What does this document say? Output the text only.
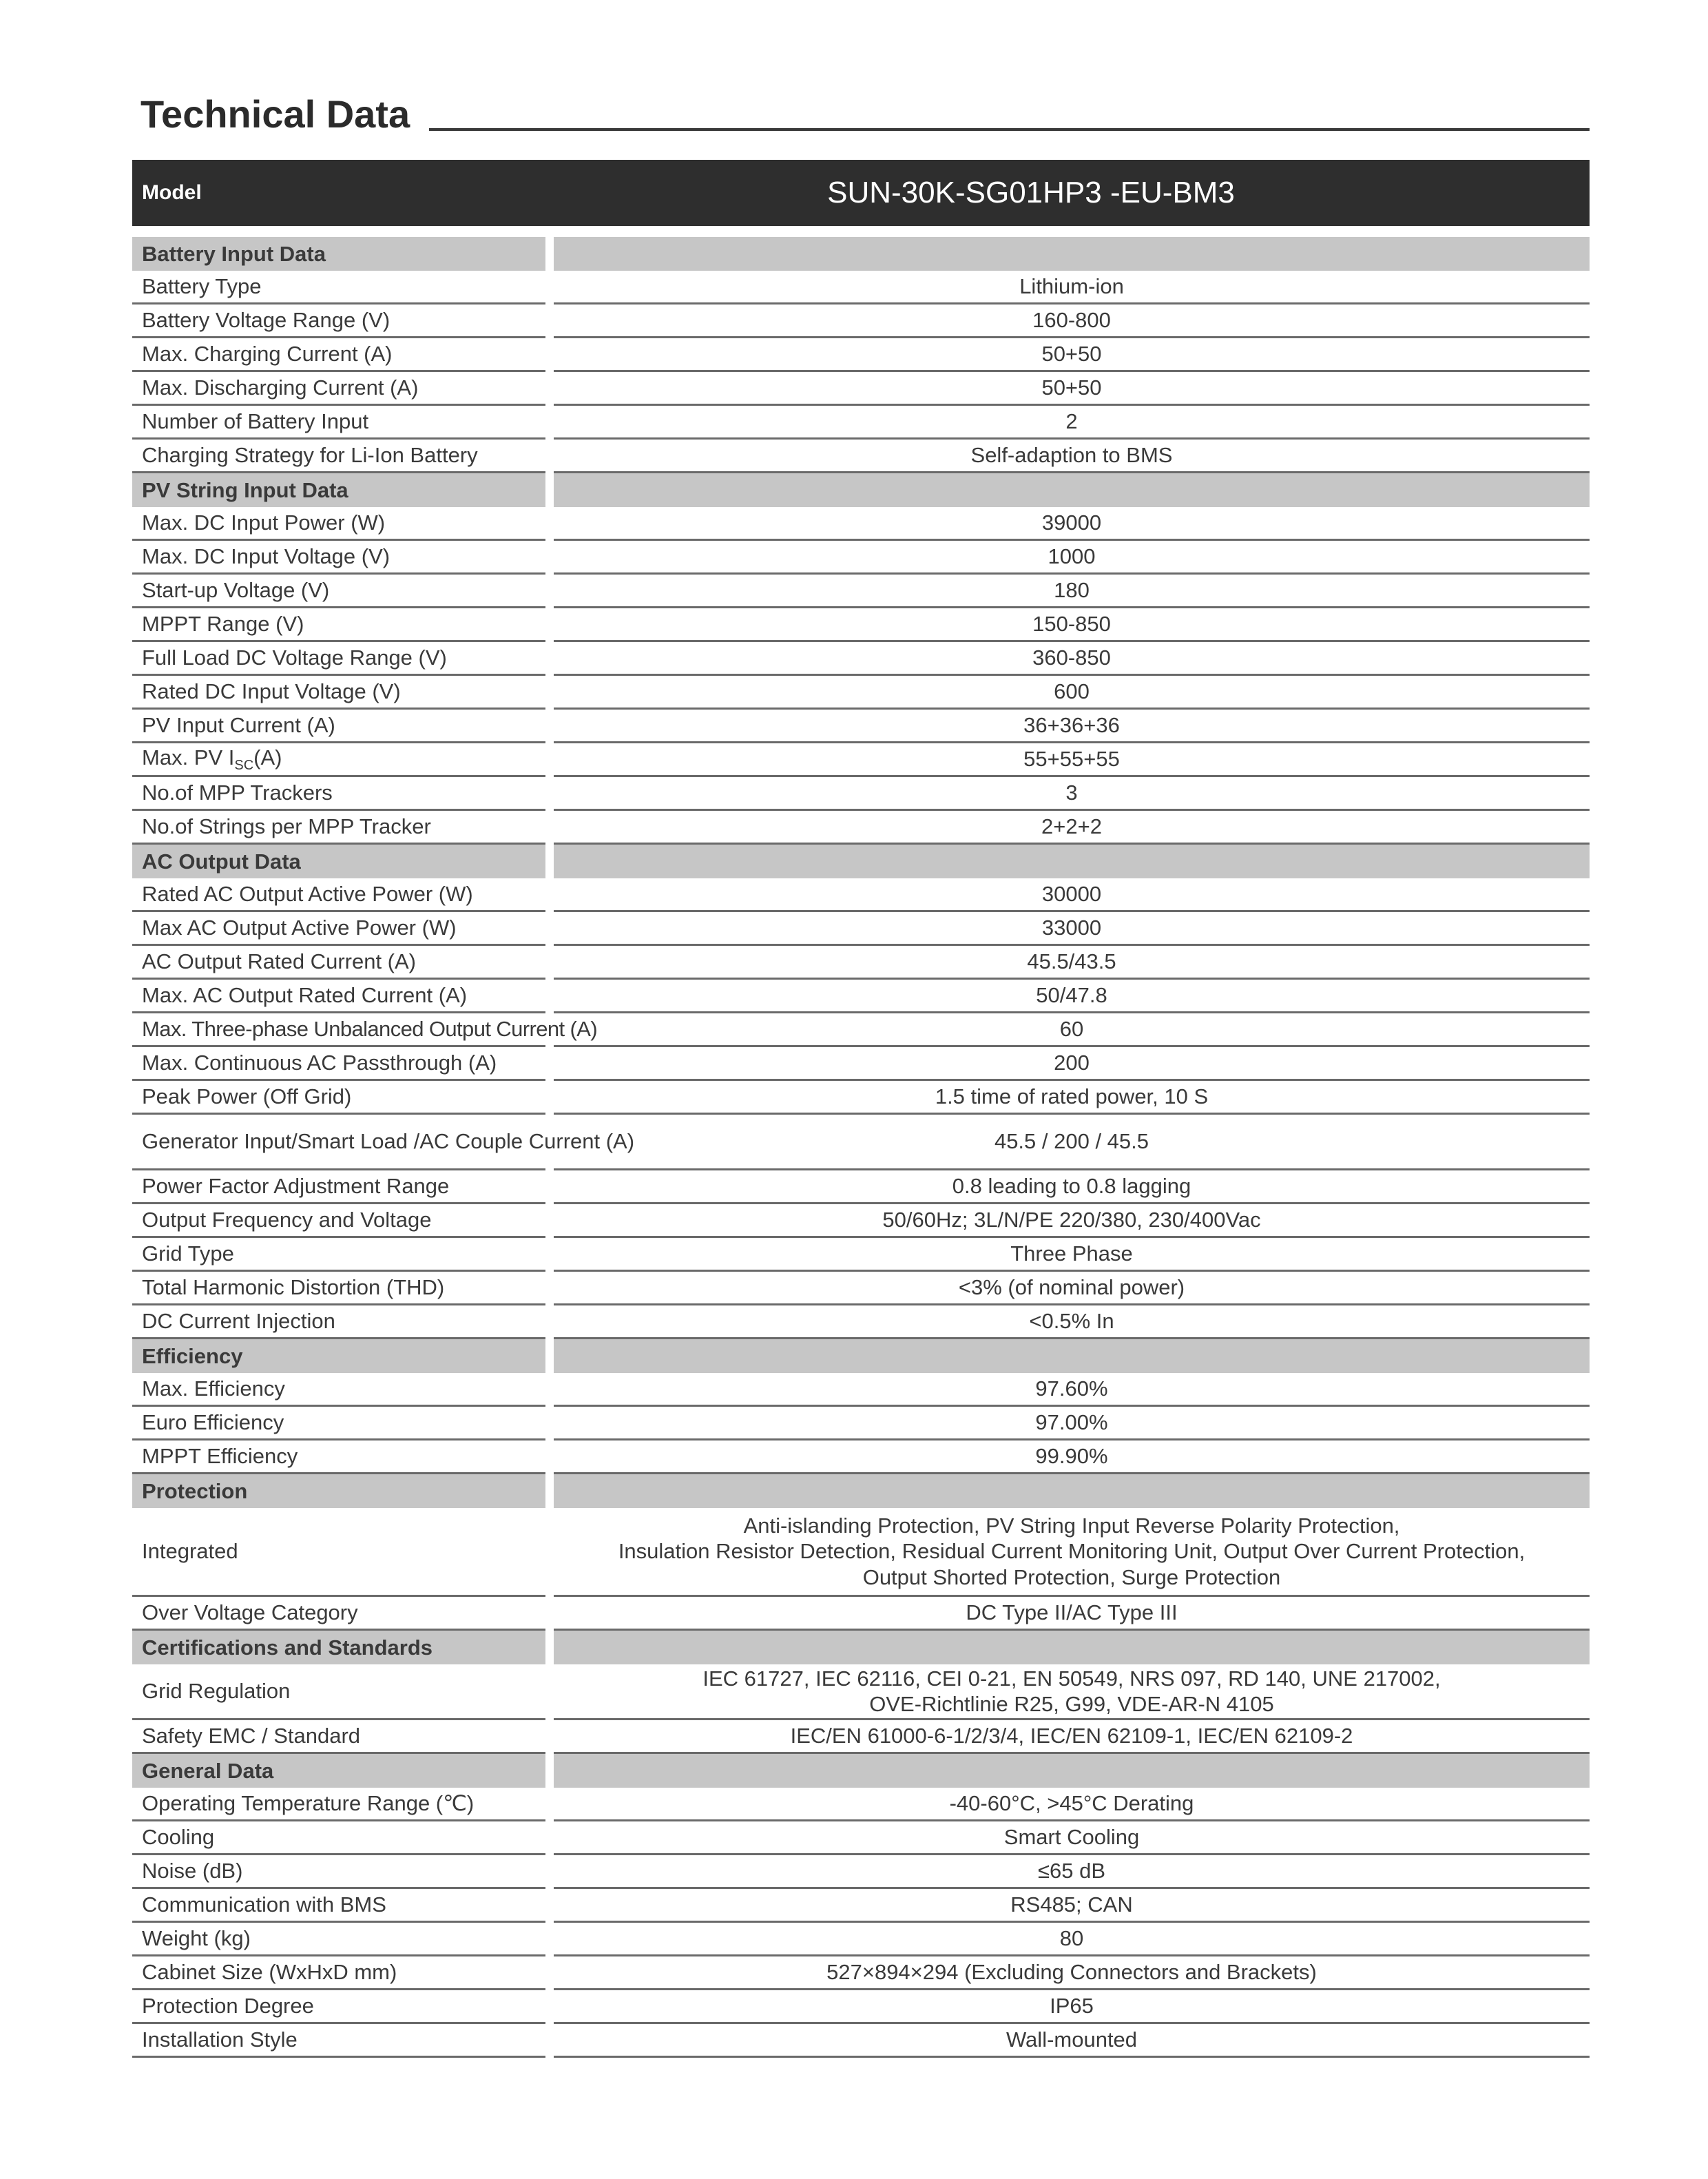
Technical Data
Model	SUN-30K-SG01HP3 -EU-BM3
Battery Input Data		
Battery Type		Lithium-ion
Battery Voltage Range (V)		160-800
Max. Charging Current (A)		50+50
Max. Discharging Current (A)		50+50
Number of Battery Input		2
Charging Strategy for Li-Ion Battery		Self-adaption to BMS
PV String Input Data		
Max. DC Input Power (W)		39000
Max. DC Input Voltage (V)		1000
Start-up Voltage (V)		180
MPPT Range (V)		150-850
Full Load DC Voltage Range (V)		360-850
Rated DC Input Voltage (V)		600
PV Input Current (A)		36+36+36
Max. PV $I_{SC}(A)$		55+55+55
No.of MPP Trackers		3
No.of Strings per MPP Tracker		2+2+2
AC Output Data		
Rated AC Output Active Power (W)		30000
Max AC Output Active Power (W)		33000
AC Output Rated Current (A)		45.5/43.5
Max. AC Output Rated Current (A)		50/47.8
Max. Three-phase Unbalanced Output Current (A)		60
Max. Continuous AC Passthrough (A)		200
Peak Power (Off Grid)		1.5 time of rated power, 10 S
Generator Input/Smart Load /AC Couple Current (A)		45.5 / 200 / 45.5
Power Factor Adjustment Range		0.8 leading to 0.8 lagging
Output Frequency and Voltage		50/60Hz; 3L/N/PE 220/380, 230/400Vac
Grid Type		Three Phase
Total Harmonic Distortion (THD)		<3% (of nominal power)
DC Current Injection		<0.5% In
Efficiency		
Max. Efficiency		97.60%
Euro Efficiency		97.00%
MPPT Efficiency		99.90%
Protection		
Integrated		Anti-islanding Protection, PV String Input Reverse Polarity Protection,
Insulation Resistor Detection, Residual Current Monitoring Unit, Output Over Current Protection,
Output Shorted Protection, Surge Protection
Over Voltage Category		DC Type II/AC Type III
Certifications and Standards		
Grid Regulation		IEC 61727, IEC 62116, CEI 0-21, EN 50549, NRS 097, RD 140, UNE 217002,
OVE-Richtlinie R25, G99, VDE-AR-N 4105
Safety EMC / Standard		IEC/EN 61000-6-1/2/3/4, IEC/EN 62109-1, IEC/EN 62109-2
General Data		
Operating Temperature Range (℃)		-40-60°C, >45°C Derating
Cooling		Smart Cooling
Noise (dB)		≤65 dB
Communication with BMS		RS485; CAN
Weight (kg)		80
Cabinet Size (WxHxD mm)		527×894×294 (Excluding Connectors and Brackets)
Protection Degree		IP65
Installation Style		Wall-mounted
